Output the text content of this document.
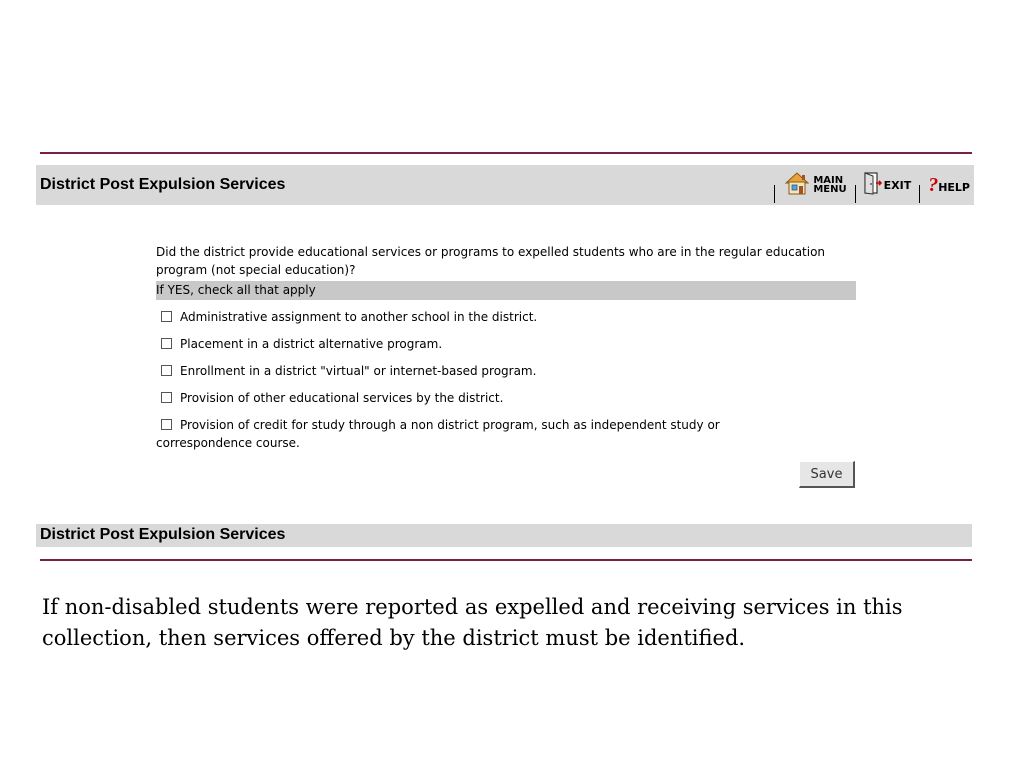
District Post Expulsion Services	MAIN
MENU	EXIT ? HELP
Did the district provide educational services or programs to expelled students who are in the regular education program (not special education)?
If YES, check all that apply
Administrative assignment to another school in the district.
Placement in a district alternative program.
Enrollment in a district "virtual" or internet-based program.
Provision of other educational services by the district.
Provision of credit for study through a non district program, such as independent study or correspondence course.
Save
District Post Expulsion Services
If non-disabled students were reported as expelled and receiving services in this collection, then services offered by the district must be identified.
